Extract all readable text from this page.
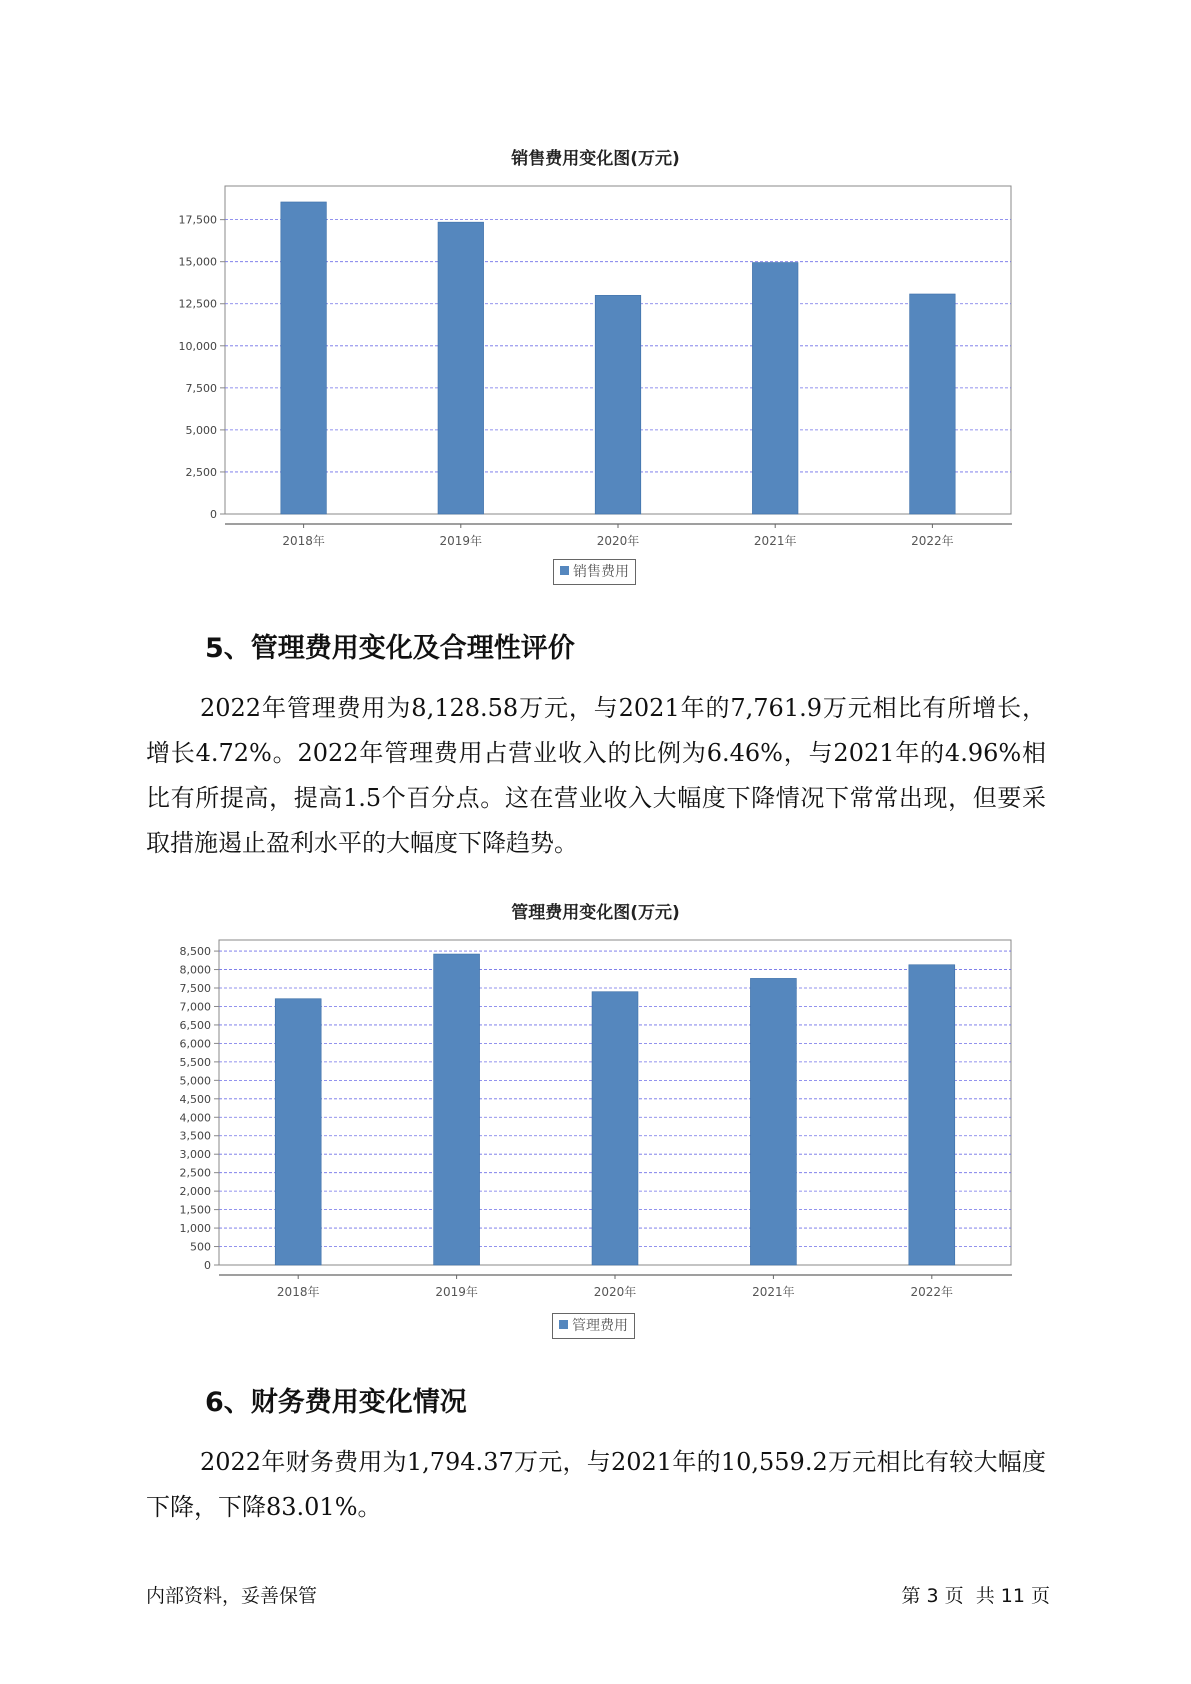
销售费用变化图(万元)
0
2,500
5,000
7,500
10,000
12,500
15,000
17,500
2018年	2019年	2020年	2021年	2022年
销售费用
5、管理费用变化及合理性评价
2022年管理费用为8,128.58万元，与2021年的7,761.9万元相比有所增长，增长4.72%。2022年管理费用占营业收入的比例为6.46%，与2021年的4.96%相比有所提高，提高1.5个百分点。这在营业收入大幅度下降情况下常常出现，但要采取措施遏止盈利水平的大幅度下降趋势。
管理费用变化图(万元)
0
500
1,000
1,500
2,000
2,500
3,000
3,500
4,000
4,500
5,000
5,500
6,000
6,500
7,000
7,500
8,000
8,500
2018年	2019年	2020年	2021年	2022年
管理费用
6、财务费用变化情况
2022年财务费用为1,794.37万元，与2021年的10,559.2万元相比有较大幅度下降，下降83.01%。
内部资料，妥善保管	第 3 页  共 11 页
